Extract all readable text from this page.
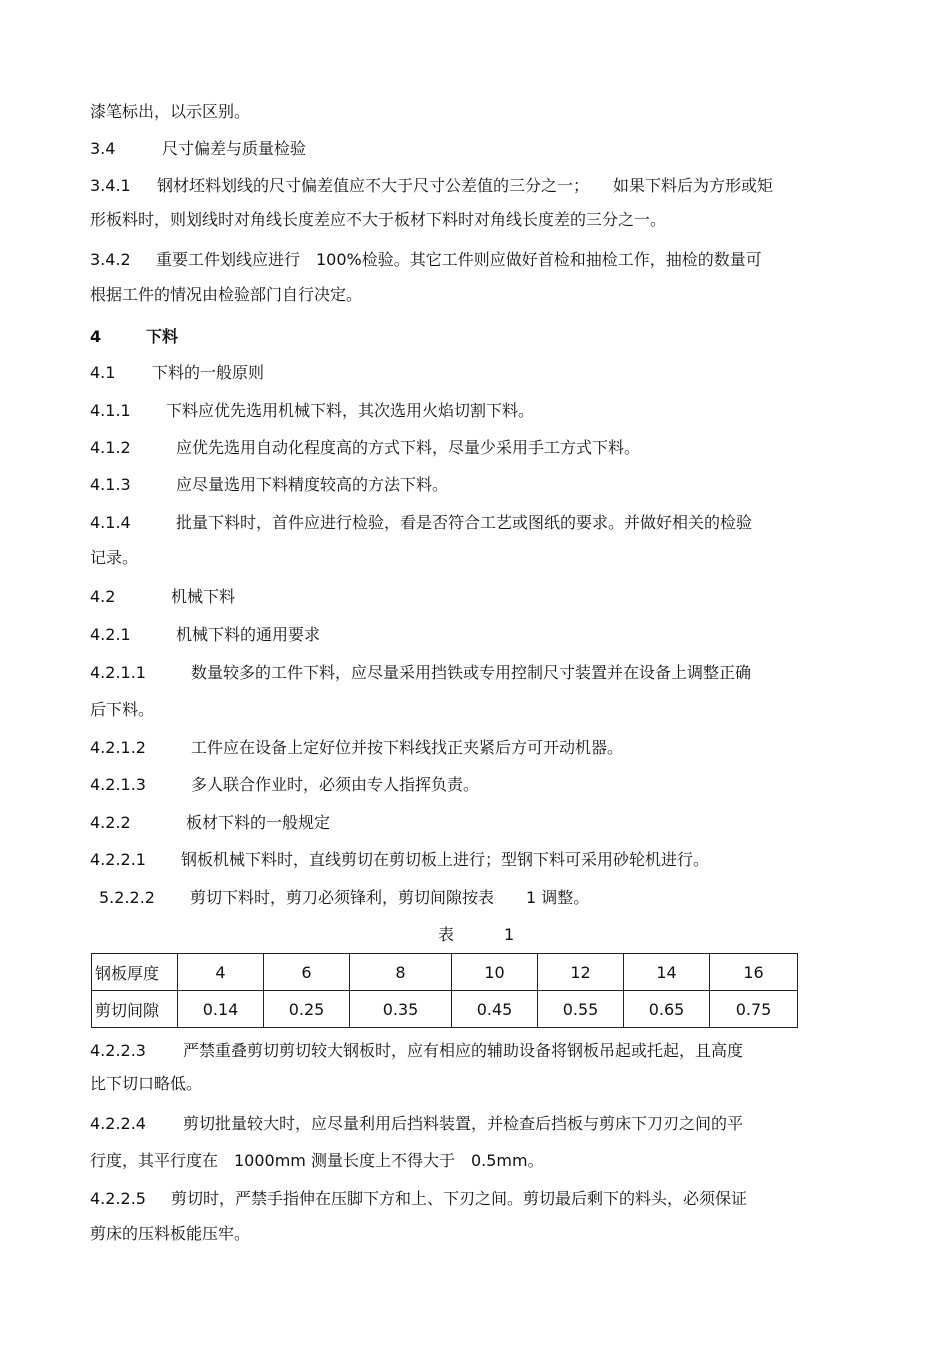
漆笔标出，以示区别。
3.4	尺寸偏差与质量检验
3.4.1 钢材坯料划线的尺寸偏差值应不大于尺寸公差值的三分之一；　　如果下料后为方形或矩
形板料时，则划线时对角线长度差应不大于板材下料时对角线长度差的三分之一。
3.4.2 重要工件划线应进行　100%检验。其它工件则应做好首检和抽检工作，抽检的数量可
根据工件的情况由检验部门自行决定。
4	下料
4.1 下料的一般原则
4.1.1 下料应优先选用机械下料，其次选用火焰切割下料。
4.1.2	应优先选用自动化程度高的方式下料，尽量少采用手工方式下料。
4.1.3	应尽量选用下料精度较高的方法下料。
4.1.4	批量下料时，首件应进行检验，看是否符合工艺或图纸的要求。并做好相关的检验
记录。
4.2	机械下料
4.2.1	机械下料的通用要求
4.2.1.1	数量较多的工件下料，应尽量采用挡铁或专用控制尺寸装置并在设备上调整正确
后下料。
4.2.1.2	工件应在设备上定好位并按下料线找正夹紧后方可开动机器。
4.2.1.3	多人联合作业时，必须由专人指挥负责。
4.2.2	板材下料的一般规定
4.2.2.1 钢板机械下料时，直线剪切在剪切板上进行；型钢下料可采用砂轮机进行。
5.2.2.2 剪切下料时，剪刀必须锋利，剪切间隙按表　　1 调整。
4.2.2.3 严禁重叠剪切剪切较大钢板时，应有相应的辅助设备将钢板吊起或托起，且高度
比下切口略低。
4.2.2.4 剪切批量较大时，应尽量利用后挡料装置，并检查后挡板与剪床下刀刃之间的平
行度，其平行度在　1000mm 测量长度上不得大于　0.5mm。
4.2.2.5 剪切时，严禁手指伸在压脚下方和上、下刃之间。剪切最后剩下的料头，必须保证
剪床的压料板能压牢。
表	1
钢板厚度	4	6	8	10	12	14	16
剪切间隙	0.14	0.25	0.35	0.45	0.55	0.65	0.75
